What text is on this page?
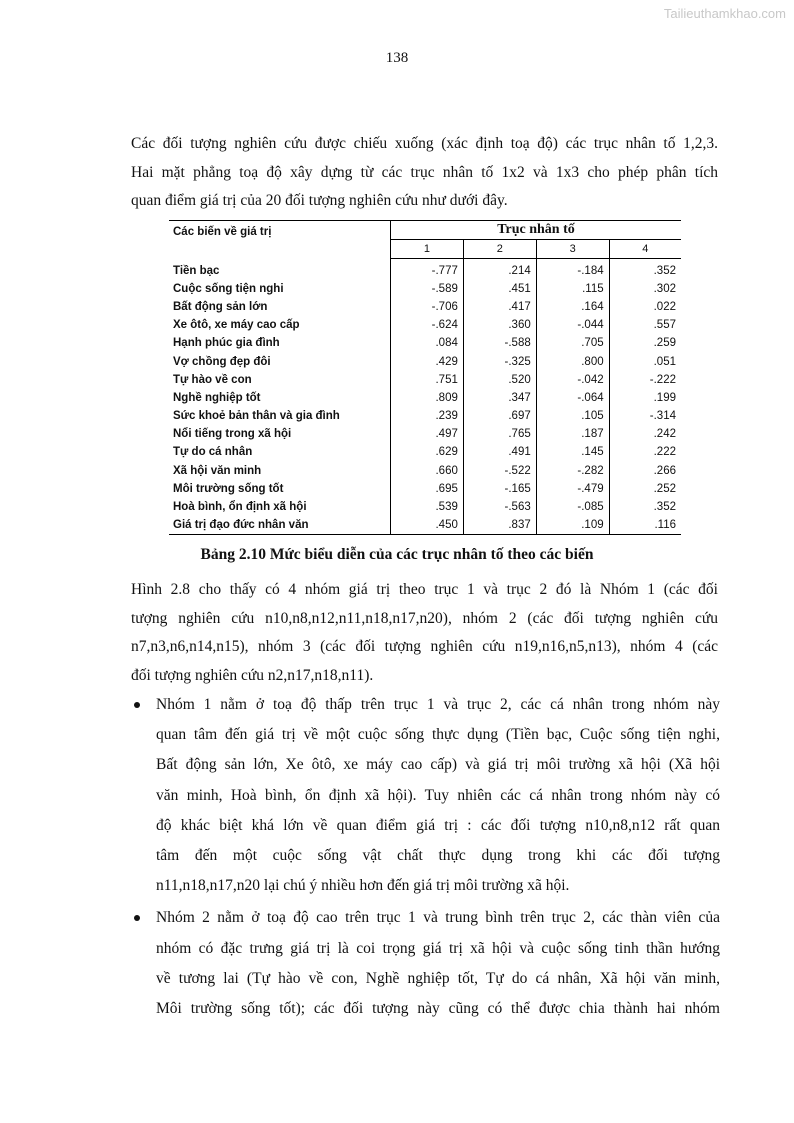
Tailieuthamkhao.com
138

Các đối tượng nghiên cứu được chiếu xuống (xác định toạ độ) các trục nhân tố 1,2,3.
Hai mặt phẳng toạ độ xây dựng từ các trục nhân tố 1x2 và 1x3 cho phép phân tích
quan điểm giá trị của 20 đối tượng nghiên cứu như dưới đây.

Các biến về giá trị	Trục nhân tố			
	1	2	3	4
Tiền bạc	-.777	.214	-.184	.352
Cuộc sống tiện nghi	-.589	.451	.115	.302
Bất động sản lớn	-.706	.417	.164	.022
Xe ôtô, xe máy cao cấp	-.624	.360	-.044	.557
Hạnh phúc gia đình	.084	-.588	.705	.259
Vợ chồng đẹp đôi	.429	-.325	.800	.051
Tự hào về con	.751	.520	-.042	-.222
Nghề nghiệp tốt	.809	.347	-.064	.199
Sức khoẻ bản thân và gia đình	.239	.697	.105	-.314
Nổi tiếng trong xã hội	.497	.765	.187	.242
Tự do cá nhân	.629	.491	.145	.222
Xã hội văn minh	.660	-.522	-.282	.266
Môi trường sống tốt	.695	-.165	-.479	.252
Hoà bình, ổn định xã hội	.539	-.563	-.085	.352
Giá trị đạo đức nhân văn	.450	.837	.109	.116
Bảng 2.10 Mức biểu diễn của các trục nhân tố theo các biến

Hình 2.8 cho thấy có 4 nhóm giá trị theo trục 1 và trục 2 đó là Nhóm 1 (các đối
tượng nghiên cứu n10,n8,n12,n11,n18,n17,n20), nhóm 2 (các đối tượng nghiên cứu
n7,n3,n6,n14,n15), nhóm 3 (các đối tượng nghiên cứu n19,n16,n5,n13), nhóm 4 (các
đối tượng nghiên cứu n2,n17,n18,n11).

Nhóm 1 nằm ở toạ độ thấp trên trục 1 và trục 2, các cá nhân trong nhóm này
quan tâm đến giá trị về một cuộc sống thực dụng (Tiền bạc, Cuộc sống tiện nghi,
Bất động sản lớn, Xe ôtô, xe máy cao cấp) và giá trị môi trường xã hội (Xã hội
văn minh, Hoà bình, ổn định xã hội). Tuy nhiên các cá nhân trong nhóm này có
độ khác biệt khá lớn về quan điểm giá trị : các đối tượng n10,n8,n12 rất quan
tâm đến một cuộc sống vật chất thực dụng trong khi các đối tượng
n11,n18,n17,n20 lại chú ý nhiều hơn đến giá trị môi trường xã hội.
Nhóm 2 nằm ở toạ độ cao trên trục 1 và trung bình trên trục 2, các thàn viên của
nhóm có đặc trưng giá trị là coi trọng giá trị xã hội và cuộc sống tinh thần hướng
về tương lai (Tự hào về con, Nghề nghiệp tốt, Tự do cá nhân, Xã hội văn minh,
Môi trường sống tốt); các đối tượng này cũng có thể được chia thành hai nhóm
